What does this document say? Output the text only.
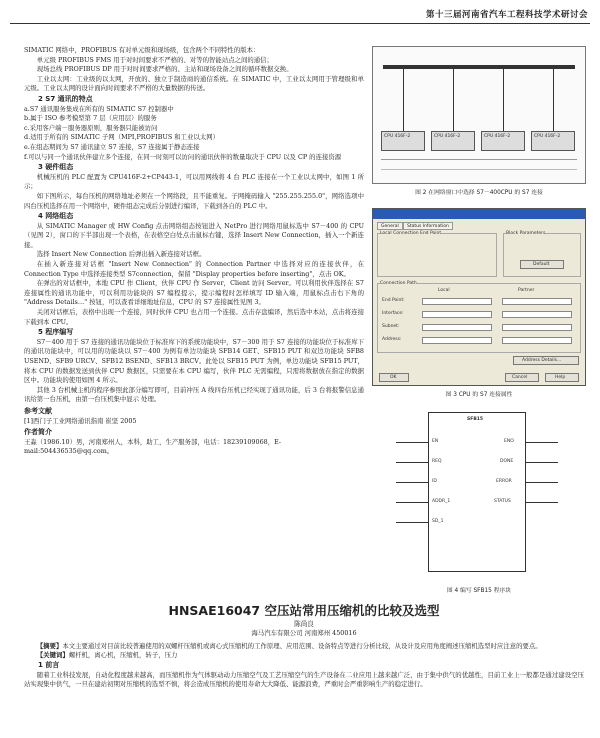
第十三届河南省汽车工程科技学术研讨会

SIMATIC 网络中，PROFIBUS 有对单元级和现场级，包含两个不同特性的版本：

单元级 PROFIBUS FMS 用于对时间要求不严格的、对等的智能站点之间的通信；

现场总线 PROFIBUS DP 用于对时间要求严格的、主站和现场设备之间的循环数据交换。

工业以太网：工业级的以太网，开放的、独立于制造商的通信系统。在 SIMATIC 中，工业以太网用于管理级和单元级。工业以太网的设计面向时间要求不严格的大量数据的传送。

2 S7 通讯的特点
a.S7 通讯服务集成在所有的 SIMATIC S7 控制器中
b.属于 ISO 参考模型第 7 层（应用层）的服务
c.采用客户端－服务器原则，服务器只能被访问
d.适用于所有的 SIMATIC 子网（MPI,PROFIBUS 和工业以太网）
e.在组态期间为 S7 通讯建立 S7 连接，S7 连接属于静态连接
f.可以与同一个通讯伙伴建立多个连接，在同一时刻可以访问的通讯伙伴的数量取决于 CPU 以及 CP 的连接资源
3 硬件组态

机械压机的 PLC 配置为 CPU416F-2+CP443-1，可以用网线将 4 台 PLC 连接在一个工业以太网中，如图 1 所示；

如下图所示，每台压机的网络地址必须在一个网络段，且不能重复。子网掩码输入 "255.255.255.0"，网络选项中四台压机选择在用一个网络中，硬件组态完成后分别进行编译，下载到各自的 PLC 中。

4 网络组态

从 SIMATIC Manager 或 HW Config 点击网络组态按钮进入 NetPro 进行网络用鼠标选中 S7－400 的 CPU（见图 2），窗口的下半部出现一个表格，在表格空白处点击鼠标右键，选择 Insert New Connection，插入一个新连接。

选择 Insert New Connection 后弹出插入新连接对话框。

在插入新连接对话框 "Insert New Connection" 的 Connection Partner 中选择对应的连接伙伴，在 Connection Type 中选择连接类型 S7connection，保留 "Display properties before inserting"，点击 OK。

在弹出的对话框中，本地 CPU 作 Client，伙伴 CPU 作 Server，Client 访问 Server。可以利用伙伴选择在 S7 连接属性的通讯功能中，可以利用功能块的 S7 编程提示，提示编程时怎样填写 ID 输入端，用鼠标点击右下角的 "Address Details…" 按钮，可以查看详细地址信息，CPU 的 S7 连接属性见图 3。

关闭对话框后，表格中出现一个连接，同时伙伴 CPU 也占用一个连接。点击存盘编译，然后选中本站，点击将连接下载到本 CPU。

5 程序编写

S7－400 用于 S7 连接的通讯功能块位于标准库下的系统功能块中，S7－300 用于 S7 连接的功能块位于标准库下的通讯功能块中，可以用的功能块以 S7－400 为例有单边功能块 SFB14 GET、SFB15 PUT 和双边功能块 SFB8 USEND、SFB9 URCV、SFB12 BSEND、SFB13 BRCV。此处以 SFB15 PUT 为例，单边功能块 SFB15 PUT，将本 CPU 的数据发送到伙伴 CPU 数据区，只需要在本 CPU 编写，伙伴 PLC 无需编程，只需将数据放在指定的数据区中。功能块的使用如图 4 所示。

其他 3 台机械主机的程序参照此部分编写即可，目前冲压 A 线四台压机已经实现了通讯功能，后 3 台将报警信息通讯给第一台压机，由第一台压机集中显示 处理。

参考文献
[1]西门子工业网络通讯指南 崔坚 2005
作者简介
王淼（1986.10）男，河南郑州人，本科，助工，生产服务部，电话：18239109068，E-mail:504436535@qq.com。
CPU 416F-2	CPU 416F-2	CPU 416F-2	CPU 416F-2
图 2 在网络窗口中选择 S7－400CPU 的 S7 连接
General	Status Information
Local Connection End Point	Block Parameters
Default
Connection Path
Local	Partner
End Point:
Interface:
Subnet:
Address:
Address Details...
OK	Cancel	Help
图 3 CPU 的 S7 连接属性
SFB15
EN
REQ
ID
ADDR_1
SD_1
ENO
DONE
ERROR
STATUS
图 4 编写 SFB15 程序块
HNSAE16047 空压站常用压缩机的比较及选型
陈尚良
海马汽车有限公司 河南郑州 450016

【摘要】本文主要通过对目前比较普遍使用的双螺杆压缩机或离心式压缩机的工作原理、应用范围、设备特点等进行分析比较，从设计及应用角度阐述压缩机选型时应注意的要点。

【关键词】螺杆机，离心机，压缩机，转子，压力

1 前言

随着工业科技发展，自动化程度越来越高，而压缩机作为气体驱动动力压缩空气及工艺压缩空气的生产设备在二业应用上越来越广泛，由于集中供气的优越性，目前工业上一般都是通过建设空压站实现集中供气，一旦在建站初期对压缩机的选型不慎，将会造成压缩机的使用寿命大大降低、能源浪费，严重时会严重影响生产的稳定进行。
